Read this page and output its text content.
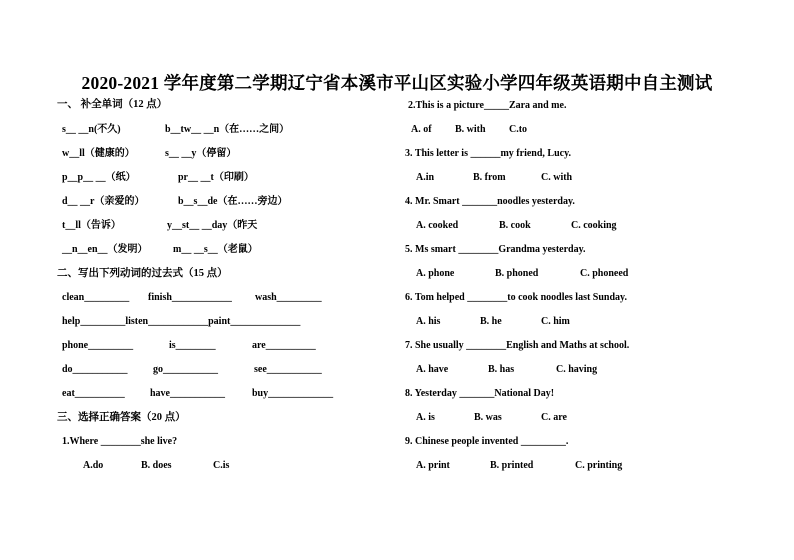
2020-2021 学年度第二学期辽宁省本溪市平山区实验小学四年级英语期中自主测试
一、 补全单词（12 点）
s__ __n(不久)	b__tw__ __n（在……之间）
w__ll（健康的）	s__ __y（停留）
p__p__ __（纸）	pr__ __t（印刷）
d__ __r（亲爱的）	b__s__de（在……旁边）
t__ll（告诉）	y__st__ __day（昨天
__n__en__（发明）	m__ __s__（老鼠）
二、写出下列动词的过去式（15 点）
clean_________ finish____________ wash_________
help_________listen____________paint______________
phone_________	is________	are__________
do___________	go___________	see___________
eat__________	have___________	buy_____________
三、选择正确答案（20 点）
1.Where ________she live?
A.do	B. does	C.is
2.This is a picture_____Zara and me.
A. of B. with C.to
3. This letter is ______my friend, Lucy.
A.in	B. from	C. with
4. Mr. Smart _______noodles yesterday.
A. cooked	B. cook	C. cooking
5. Ms smart ________Grandma yesterday.
A. phone	B. phoned	C. phoneed
6. Tom helped ________to cook noodles last Sunday.
A. his	B. he	C. him
7. She usually ________English and Maths at school.
A. have	B. has	C. having
8. Yesterday _______National Day!
A. is	B. was	C. are
9. Chinese people invented _________.
A. print	B. printed	C. printing
